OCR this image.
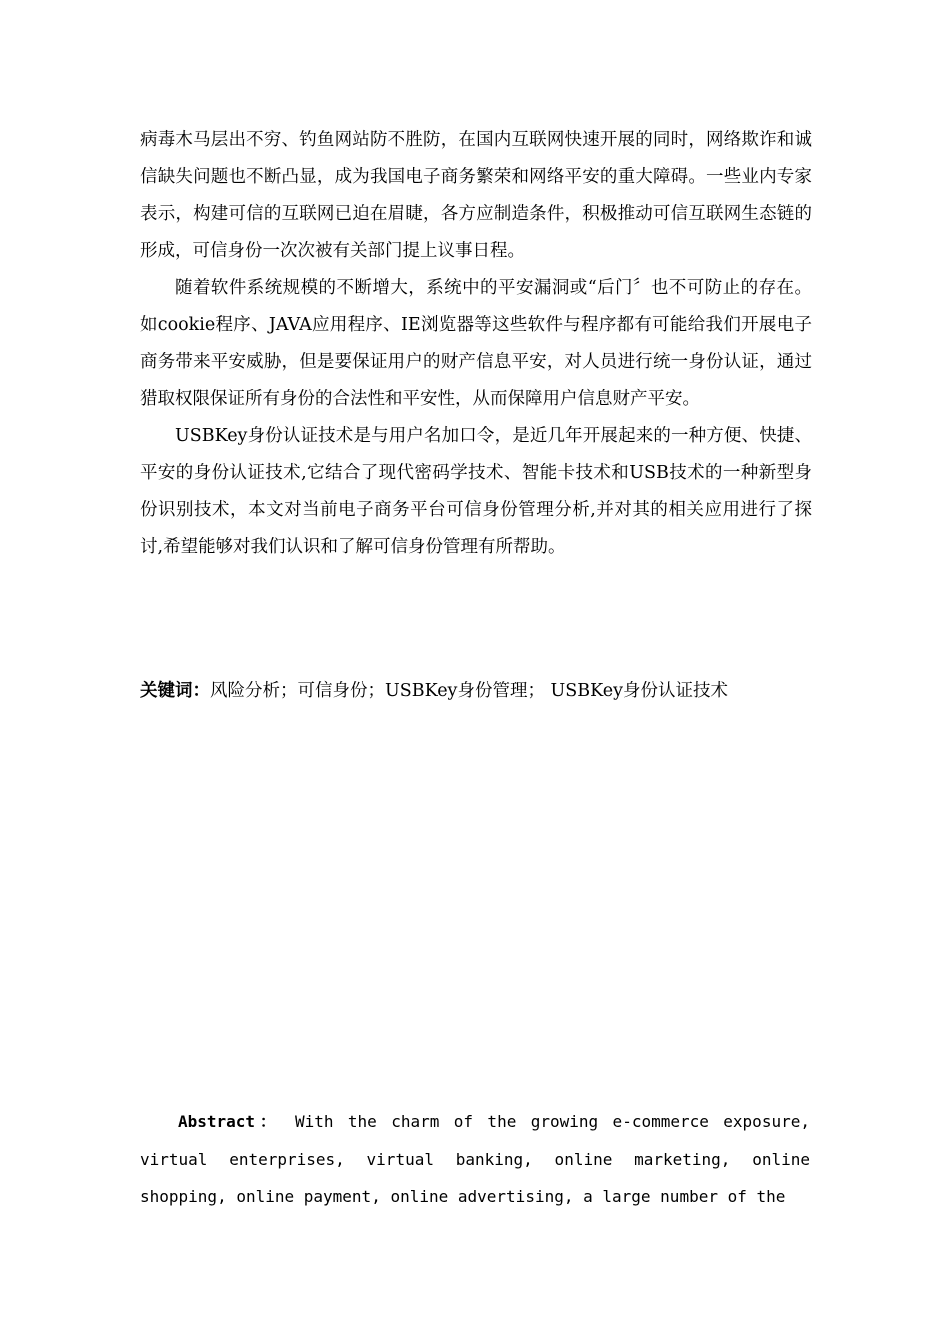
病毒木马层出不穷、钓鱼网站防不胜防，在国内互联网快速开展的同时，网络欺诈和诚信缺失问题也不断凸显，成为我国电子商务繁荣和网络平安的重大障碍。一些业内专家表示，构建可信的互联网已迫在眉睫，各方应制造条件，积极推动可信互联网生态链的形成，可信身份一次次被有关部门提上议事日程。

随着软件系统规模的不断增大，系统中的平安漏洞或“后门〞也不可防止的存在。如cookie程序、JAVA应用程序、IE浏览器等这些软件与程序都有可能给我们开展电子商务带来平安威胁，但是要保证用户的财产信息平安，对人员进行统一身份认证，通过猎取权限保证所有身份的合法性和平安性，从而保障用户信息财产平安。

USBKey身份认证技术是与用户名加口令，是近几年开展起来的一种方便、快捷、平安的身份认证技术,它结合了现代密码学技术、智能卡技术和USB技术的一种新型身份识别技术，本文对当前电子商务平台可信身份管理分析,并对其的相关应用进行了探讨,希望能够对我们认识和了解可信身份管理有所帮助。

关键词：风险分析；可信身份；USBKey身份管理； USBKey身份认证技术

Abstract： With the charm of the growing e-commerce exposure, virtual enterprises, virtual banking, online marketing, online shopping, online payment, online advertising, a large number of the
